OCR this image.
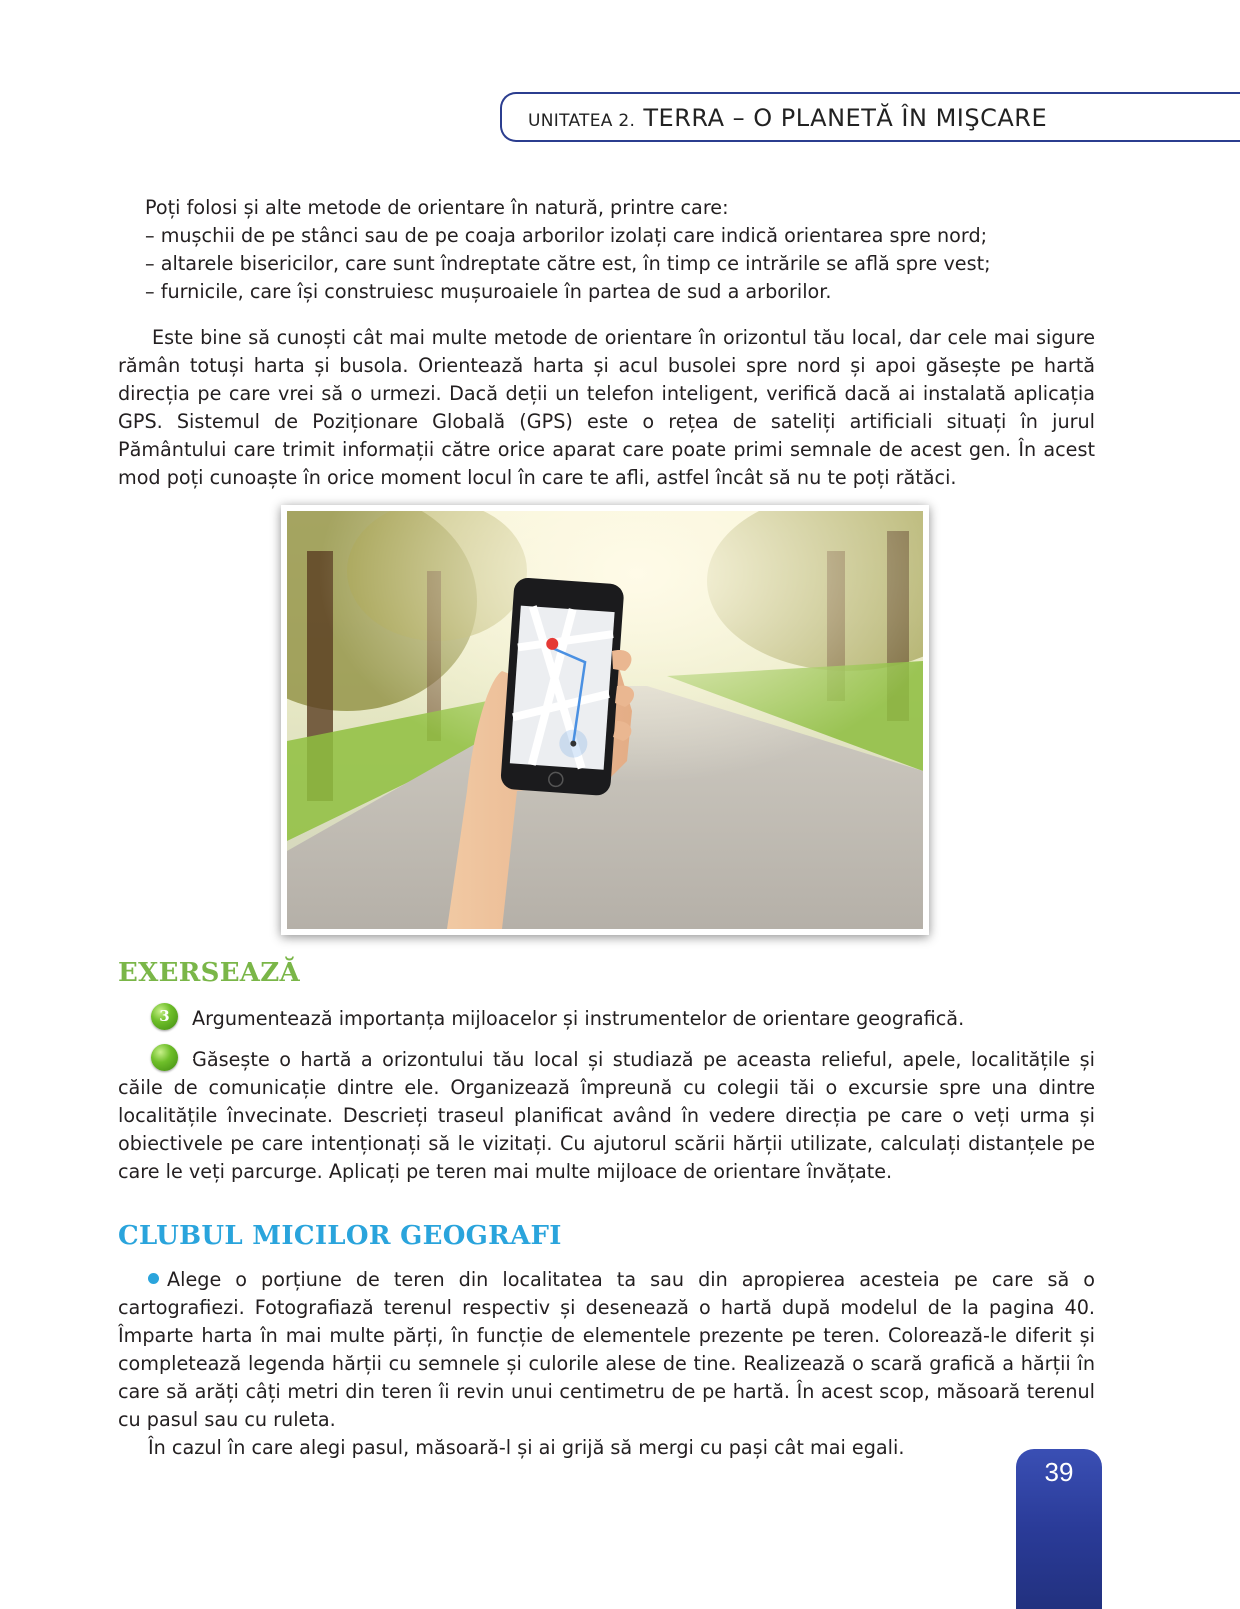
UNITATEA 2. TERRA – O PLANETĂ ÎN MIŞCARE

Poți folosi și alte metode de orientare în natură, printre care:

– mușchii de pe stânci sau de pe coaja arborilor izolați care indică orientarea spre nord;

– altarele bisericilor, care sunt îndreptate către est, în timp ce intrările se află spre vest;

– furnicile, care își construiesc mușuroaiele în partea de sud a arborilor.

Este bine să cunoști cât mai multe metode de orientare în orizontul tău local, dar cele mai sigure rămân totuși harta și busola. Orientează harta și acul busolei spre nord și apoi găsește pe hartă direcția pe care vrei să o urmezi. Dacă deții un telefon inteligent, verifică dacă ai instalată aplicația GPS. Sistemul de Poziționare Globală (GPS) este o rețea de sateliți artificiali situați în jurul Pământului care trimit informații către orice aparat care poate primi semnale de acest gen. În acest mod poți cunoaște în orice moment locul în care te afli, astfel încât să nu te poți rătăci.

EXERSEAZĂ
3 Argumentează importanța mijloacelor și instrumentelor de orientare geografică.

4Găsește o hartă a orizontului tău local și studiază pe aceasta relieful, apele, localitățile și căile de comunicație dintre ele. Organizează împreună cu colegii tăi o excursie spre una dintre localitățile învecinate. Descrieți traseul planificat având în vedere direcția pe care o veți urma și obiectivele pe care intenționați să le vizitați. Cu ajutorul scării hărții utilizate, calculați distanțele pe care le veți parcurge. Aplicați pe teren mai multe mijloace de orientare învățate.

CLUBUL MICILOR GEOGRAFI

Alege o porțiune de teren din localitatea ta sau din apropierea acesteia pe care să o cartografiezi. Fotografiază terenul respectiv și desenează o hartă după modelul de la pagina 40. Împarte harta în mai multe părți, în funcție de elementele prezente pe teren. Colorează-le diferit și completează legenda hărții cu semnele și culorile alese de tine. Realizează o scară grafică a hărții în care să arăți câți metri din teren îi revin unui centimetru de pe hartă. În acest scop, măsoară terenul cu pasul sau cu ruleta.

În cazul în care alegi pasul, măsoară-l și ai grijă să mergi cu pași cât mai egali.

39
